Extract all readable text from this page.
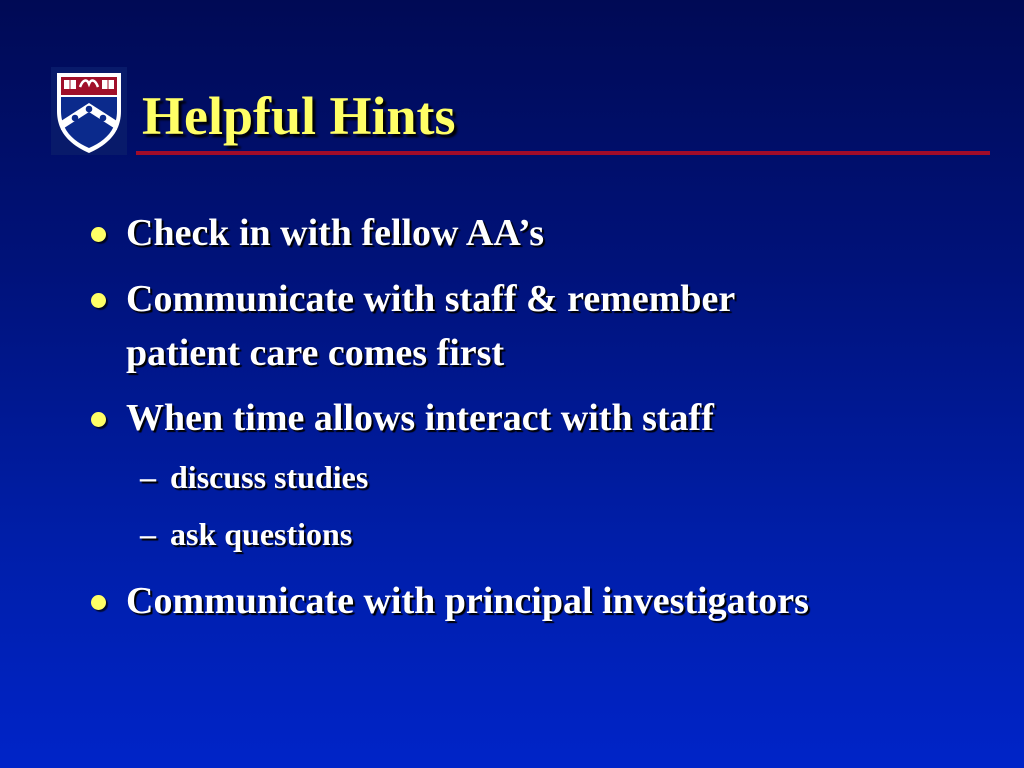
Helpful Hints
Check in with fellow AA’s
Communicate with staff & remember
patient care comes first
When time allows interact with staff
– discuss studies
– ask questions
Communicate with principal investigators
